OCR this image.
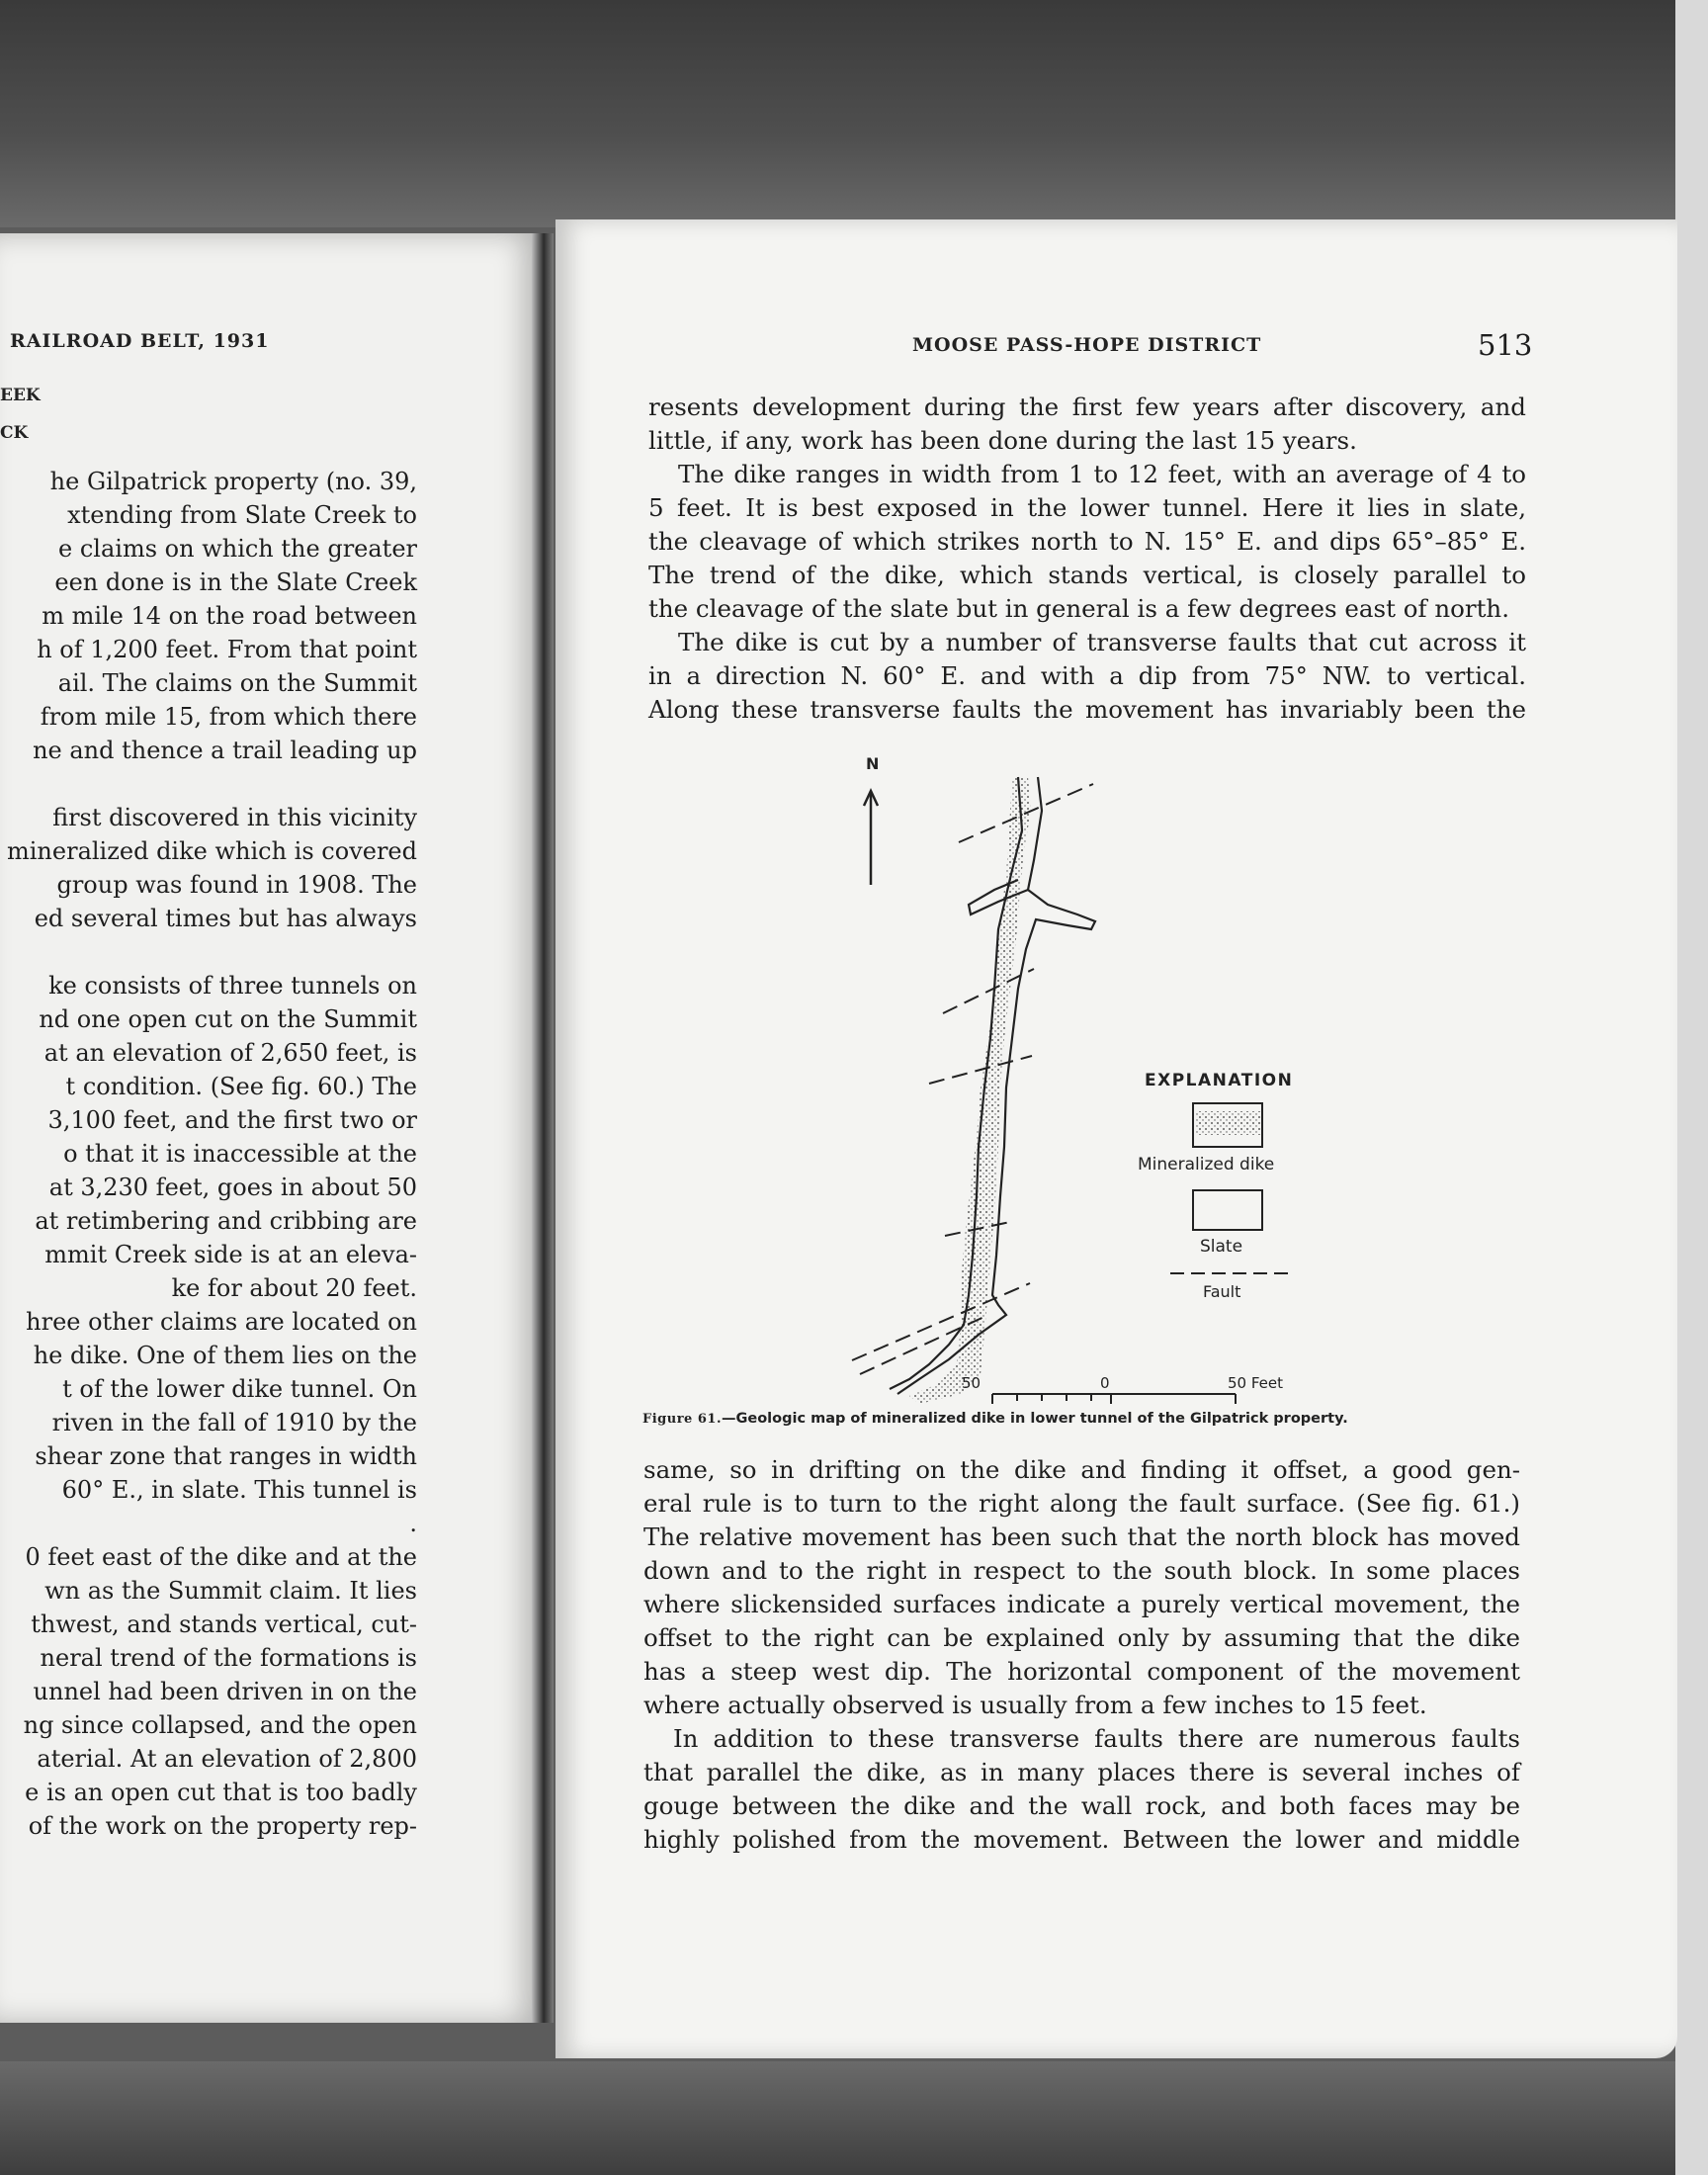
RAILROAD BELT, 1931
EEK
CK
he Gilpatrick property (no. 39,
xtending from Slate Creek to
e claims on which the greater
een done is in the Slate Creek
m mile 14 on the road between
h of 1,200 feet. From that point
ail. The claims on the Summit
from mile 15, from which there
ne and thence a trail leading up
first discovered in this vicinity
mineralized dike which is covered
group was found in 1908. The
ed several times but has always
ke consists of three tunnels on
nd one open cut on the Summit
at an elevation of 2,650 feet, is
t condition. (See fig. 60.) The
3,100 feet, and the first two or
o that it is inaccessible at the
at 3,230 feet, goes in about 50
at retimbering and cribbing are
mmit Creek side is at an eleva-
ke for about 20 feet.
hree other claims are located on
he dike. One of them lies on the
t of the lower dike tunnel. On
riven in the fall of 1910 by the
shear zone that ranges in width
60° E., in slate. This tunnel is
.
0 feet east of the dike and at the
wn as the Summit claim. It lies
thwest, and stands vertical, cut-
neral trend of the formations is
unnel had been driven in on the
ng since collapsed, and the open
aterial. At an elevation of 2,800
e is an open cut that is too badly
of the work on the property rep-
MOOSE PASS-HOPE DISTRICT	513
resents development during the first few years after discovery, and
little, if any, work has been done during the last 15 years.
The dike ranges in width from 1 to 12 feet, with an average of 4 to
5 feet. It is best exposed in the lower tunnel. Here it lies in slate,
the cleavage of which strikes north to N. 15° E. and dips 65°–85° E.
The trend of the dike, which stands vertical, is closely parallel to
the cleavage of the slate but in general is a few degrees east of north.
The dike is cut by a number of transverse faults that cut across it
in a direction N. 60° E. and with a dip from 75° NW. to vertical.
Along these transverse faults the movement has invariably been the
N
EXPLANATION
Mineralized dike
Slate
Fault
50	0	50 Feet
Figure 61.—Geologic map of mineralized dike in lower tunnel of the Gilpatrick property.
same, so in drifting on the dike and finding it offset, a good gen-
eral rule is to turn to the right along the fault surface. (See fig. 61.)
The relative movement has been such that the north block has moved
down and to the right in respect to the south block. In some places
where slickensided surfaces indicate a purely vertical movement, the
offset to the right can be explained only by assuming that the dike
has a steep west dip. The horizontal component of the movement
where actually observed is usually from a few inches to 15 feet.
In addition to these transverse faults there are numerous faults
that parallel the dike, as in many places there is several inches of
gouge between the dike and the wall rock, and both faces may be
highly polished from the movement. Between the lower and middle
